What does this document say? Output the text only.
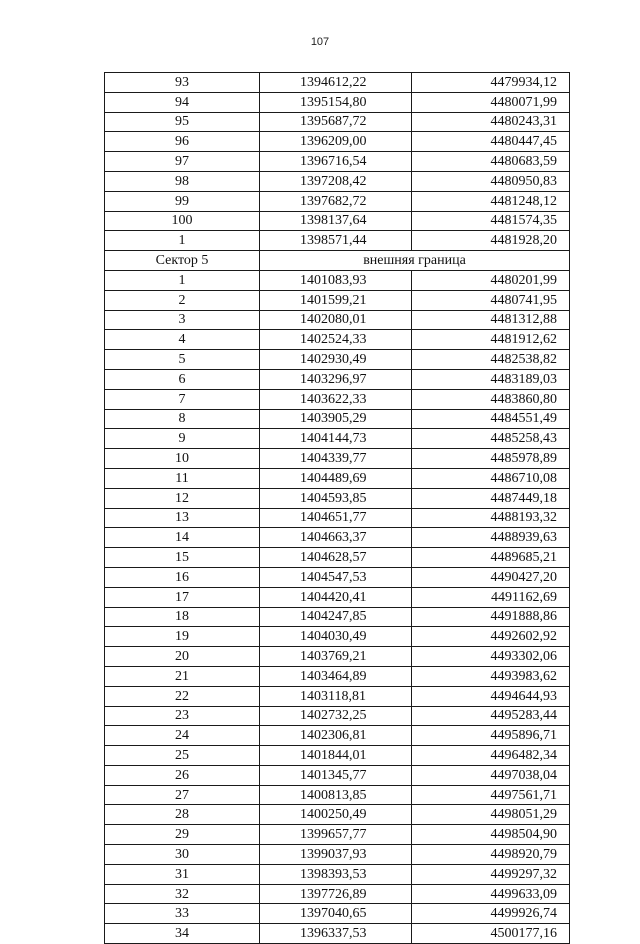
107
93	1394612,22	4479934,12
94	1395154,80	4480071,99
95	1395687,72	4480243,31
96	1396209,00	4480447,45
97	1396716,54	4480683,59
98	1397208,42	4480950,83
99	1397682,72	4481248,12
100	1398137,64	4481574,35
1	1398571,44	4481928,20
Сектор 5	внешняя граница	
1	1401083,93	4480201,99
2	1401599,21	4480741,95
3	1402080,01	4481312,88
4	1402524,33	4481912,62
5	1402930,49	4482538,82
6	1403296,97	4483189,03
7	1403622,33	4483860,80
8	1403905,29	4484551,49
9	1404144,73	4485258,43
10	1404339,77	4485978,89
11	1404489,69	4486710,08
12	1404593,85	4487449,18
13	1404651,77	4488193,32
14	1404663,37	4488939,63
15	1404628,57	4489685,21
16	1404547,53	4490427,20
17	1404420,41	4491162,69
18	1404247,85	4491888,86
19	1404030,49	4492602,92
20	1403769,21	4493302,06
21	1403464,89	4493983,62
22	1403118,81	4494644,93
23	1402732,25	4495283,44
24	1402306,81	4495896,71
25	1401844,01	4496482,34
26	1401345,77	4497038,04
27	1400813,85	4497561,71
28	1400250,49	4498051,29
29	1399657,77	4498504,90
30	1399037,93	4498920,79
31	1398393,53	4499297,32
32	1397726,89	4499633,09
33	1397040,65	4499926,74
34	1396337,53	4500177,16
